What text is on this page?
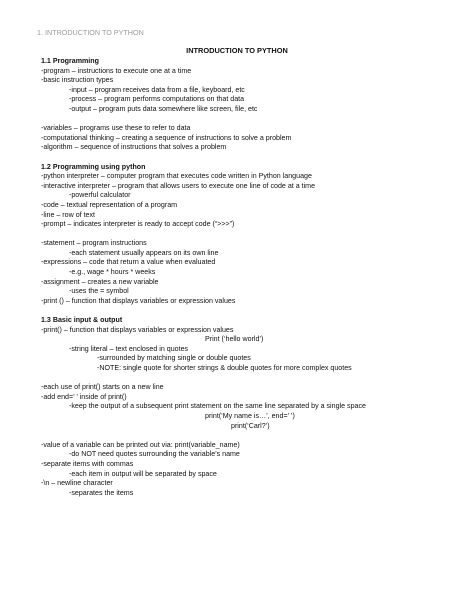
1. INTRODUCTION TO PYTHON
INTRODUCTION TO PYTHON
1.1 Programming
-program – instructions to execute one at a time
-basic instruction types
-input – program receives data from a file, keyboard, etc
-process – program performs computations on that data
-output – program puts data somewhere like screen, file, etc
-variables – programs use these to refer to data
-computational thinking – creating a sequence of instructions to solve a problem
-algorithm – sequence of instructions that solves a problem
1.2 Programming using python
-python interpreter – computer program that executes code written in Python language
-interactive interpreter – program that allows users to execute one line of code at a time
-powerful calculator
-code – textual representation of a program
-line – row of text
-prompt – indicates interpreter is ready to accept code (“>>>”)
-statement – program instructions
-each statement usually appears on its own line
-expressions – code that return a value when evaluated
-e.g., wage * hours * weeks
-assignment – creates a new variable
-uses the = symbol
-print () – function that displays variables or expression values
1.3 Basic input & output
-print() – function that displays variables or expression values
Print (‘hello world’)
-string literal – text enclosed in quotes
-surrounded by matching single or double quotes
-NOTE: single quote for shorter strings & double quotes for more complex quotes
-each use of print() starts on a new line
-add end=’ ’ inside of print()
-keep the output of a subsequent print statement on the same line separated by a single space
print(‘My name is…’, end=’ ’)
print(‘Carl?’)
-value of a variable can be printed out via: print(variable_name)
-do NOT need quotes surrounding the variable’s name
-separate items with commas
-each item in output will be separated by space
-\n – newline character
-separates the items
